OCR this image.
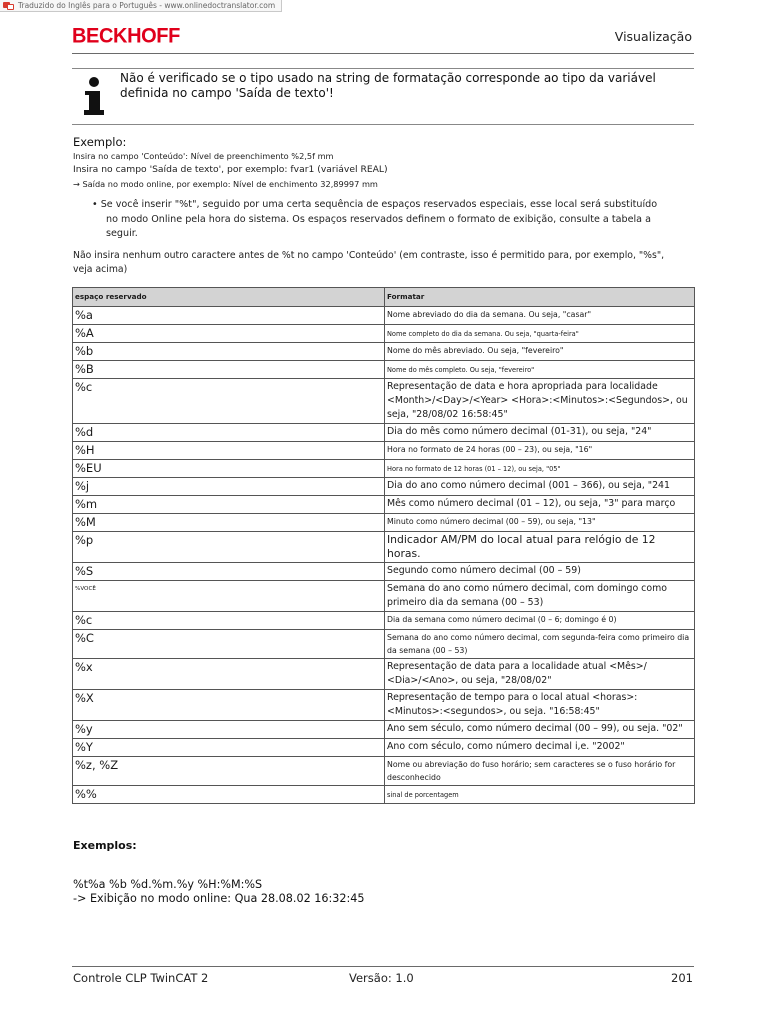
Traduzido do Inglês para o Português - www.onlinedoctranslator.com
BECKHOFF	Visualização
Não é verificado se o tipo usado na string de formatação corresponde ao tipo da variável definida no campo 'Saída de texto'!
Exemplo:
Insira no campo 'Conteúdo': Nível de preenchimento %2,5f mm
Insira no campo 'Saída de texto', por exemplo: fvar1 (variável REAL)
→ Saída no modo online, por exemplo: Nível de enchimento 32,89997 mm
• Se você inserir "%t", seguido por uma certa sequência de espaços reservados especiais, esse local será substituído
no modo Online pela hora do sistema. Os espaços reservados definem o formato de exibição, consulte a tabela a
seguir.
Não insira nenhum outro caractere antes de %t no campo 'Conteúdo' (em contraste, isso é permitido para, por exemplo, "%s", veja acima)
espaço reservado	Formatar
%a	Nome abreviado do dia da semana. Ou seja, "casar"
%A	Nome completo do dia da semana. Ou seja, "quarta-feira"
%b	Nome do mês abreviado. Ou seja, "fevereiro"
%B	Nome do mês completo. Ou seja, "fevereiro"
%c	Representação de data e hora apropriada para localidade <Month>/<Day>/<Year> <Hora>:<Minutos>:<Segundos>, ou seja, "28/08/02 16:58:45"
%d	Dia do mês como número decimal (01-31), ou seja, "24"
%H	Hora no formato de 24 horas (00 – 23), ou seja, "16"
%EU	Hora no formato de 12 horas (01 – 12), ou seja, "05"
%j	Dia do ano como número decimal (001 – 366), ou seja, "241
%m	Mês como número decimal (01 – 12), ou seja, "3" para março
%M	Minuto como número decimal (00 – 59), ou seja, "13"
%p	Indicador AM/PM do local atual para relógio de 12 horas.
%S	Segundo como número decimal (00 – 59)
%VOCÊ	Semana do ano como número decimal, com domingo como primeiro dia da semana (00 – 53)
%c	Dia da semana como número decimal (0 – 6; domingo é 0)
%C	Semana do ano como número decimal, com segunda-feira como primeiro dia da semana (00 – 53)
%x	Representação de data para a localidade atual <Mês>/ <Dia>/<Ano>, ou seja, "28/08/02"
%X	Representação de tempo para o local atual <horas>:<Minutos>:<segundos>, ou seja. "16:58:45"
%y	Ano sem século, como número decimal (00 – 99), ou seja. "02"
%Y	Ano com século, como número decimal i,e. "2002"
%z, %Z	Nome ou abreviação do fuso horário; sem caracteres se o fuso horário for desconhecido
%%	sinal de porcentagem
Exemplos:
%t%a %b %d.%m.%y %H:%M:%S
-> Exibição no modo online: Qua 28.08.02 16:32:45
Controle CLP TwinCAT 2	Versão: 1.0	201
